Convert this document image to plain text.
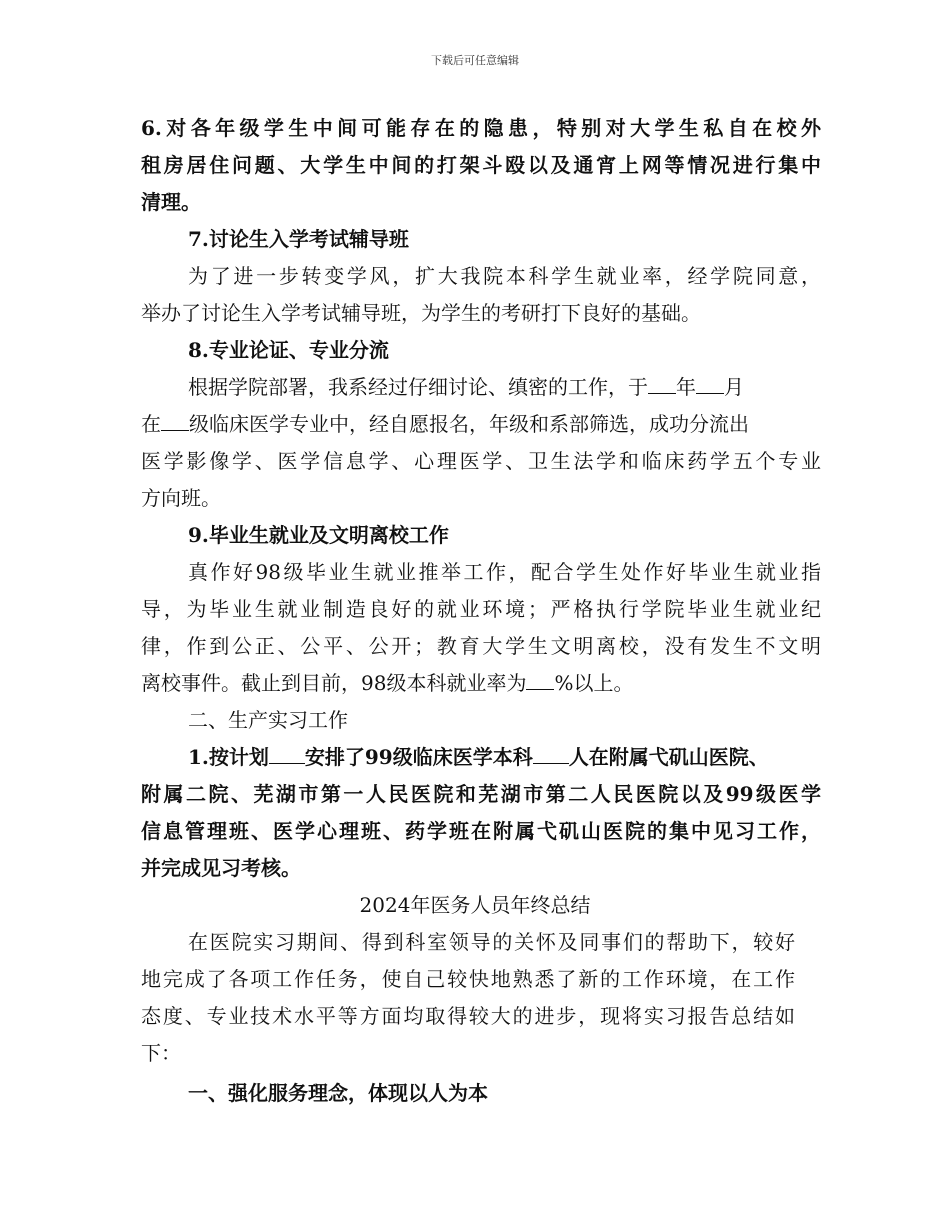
下载后可任意编辑
6.对各年级学生中间可能存在的隐患，特别对大学生私自在校外
租房居住问题、大学生中间的打架斗殴以及通宵上网等情况进行集中
清理。
7.讨论生入学考试辅导班
为了进一步转变学风，扩大我院本科学生就业率，经学院同意，
举办了讨论生入学考试辅导班，为学生的考研打下良好的基础。
8.专业论证、专业分流
根据学院部署，我系经过仔细讨论、缜密的工作，于 年 月
在 级临床医学专业中，经自愿报名，年级和系部筛选，成功分流出
医学影像学、医学信息学、心理医学、卫生法学和临床药学五个专业
方向班。
9.毕业生就业及文明离校工作
真作好98级毕业生就业推举工作，配合学生处作好毕业生就业指
导，为毕业生就业制造良好的就业环境；严格执行学院毕业生就业纪
律，作到公正、公平、公开；教育大学生文明离校，没有发生不文明
离校事件。截止到目前，98级本科就业率为 %以上。
二、生产实习工作
1.按计划 安排了99级临床医学本科 人在附属弋矶山医院、
附属二院、芜湖市第一人民医院和芜湖市第二人民医院以及99级医学
信息管理班、医学心理班、药学班在附属弋矶山医院的集中见习工作，
并完成见习考核。
2024年医务人员年终总结
在医院实习期间、得到科室领导的关怀及同事们的帮助下，较好
地完成了各项工作任务，使自己较快地熟悉了新的工作环境，在工作
态度、专业技术水平等方面均取得较大的进步，现将实习报告总结如
下：
一、强化服务理念，体现以人为本
